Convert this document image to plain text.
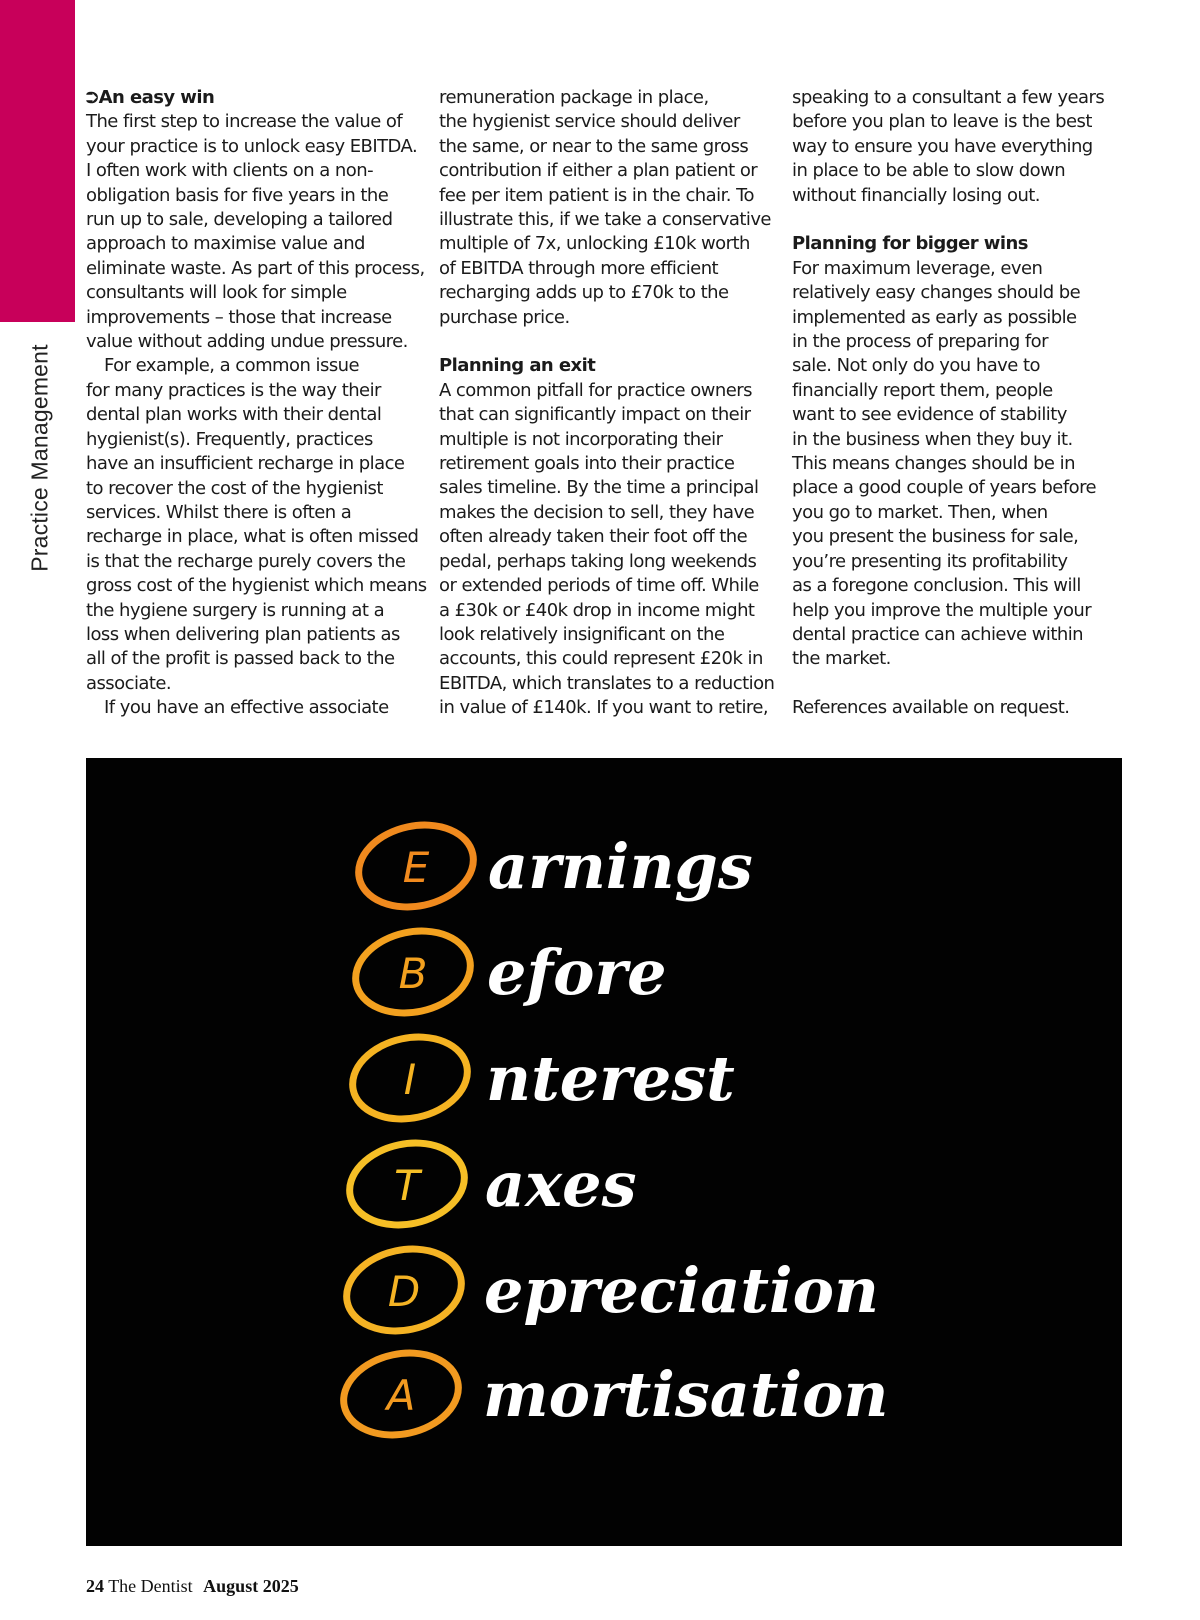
Practice Management
⮊An easy win
The first step to increase the value of
your practice is to unlock easy EBITDA.
I often work with clients on a non-
obligation basis for five years in the
run up to sale, developing a tailored
approach to maximise value and
eliminate waste. As part of this process,
consultants will look for simple
improvements – those that increase
value without adding undue pressure.
For example, a common issue
for many practices is the way their
dental plan works with their dental
hygienist(s). Frequently, practices
have an insufficient recharge in place
to recover the cost of the hygienist
services. Whilst there is often a
recharge in place, what is often missed
is that the recharge purely covers the
gross cost of the hygienist which means
the hygiene surgery is running at a
loss when delivering plan patients as
all of the profit is passed back to the
associate.
If you have an effective associate
remuneration package in place,
the hygienist service should deliver
the same, or near to the same gross
contribution if either a plan patient or
fee per item patient is in the chair. To
illustrate this, if we take a conservative
multiple of 7x, unlocking £10k worth
of EBITDA through more efficient
recharging adds up to £70k to the
purchase price.
Planning an exit
A common pitfall for practice owners
that can significantly impact on their
multiple is not incorporating their
retirement goals into their practice
sales timeline. By the time a principal
makes the decision to sell, they have
often already taken their foot off the
pedal, perhaps taking long weekends
or extended periods of time off. While
a £30k or £40k drop in income might
look relatively insignificant on the
accounts, this could represent £20k in
EBITDA, which translates to a reduction
in value of £140k. If you want to retire,
speaking to a consultant a few years
before you plan to leave is the best
way to ensure you have everything
in place to be able to slow down
without financially losing out.
Planning for bigger wins
For maximum leverage, even
relatively easy changes should be
implemented as early as possible
in the process of preparing for
sale. Not only do you have to
financially report them, people
want to see evidence of stability
in the business when they buy it.
This means changes should be in
place a good couple of years before
you go to market. Then, when
you present the business for sale,
you’re presenting its profitability
as a foregone conclusion. This will
help you improve the multiple your
dental practice can achieve within
the market.
References available on request.
E arnings
B efore
I nterest
T axes
D epreciation
A mortisation
24 The Dentist August 2025
